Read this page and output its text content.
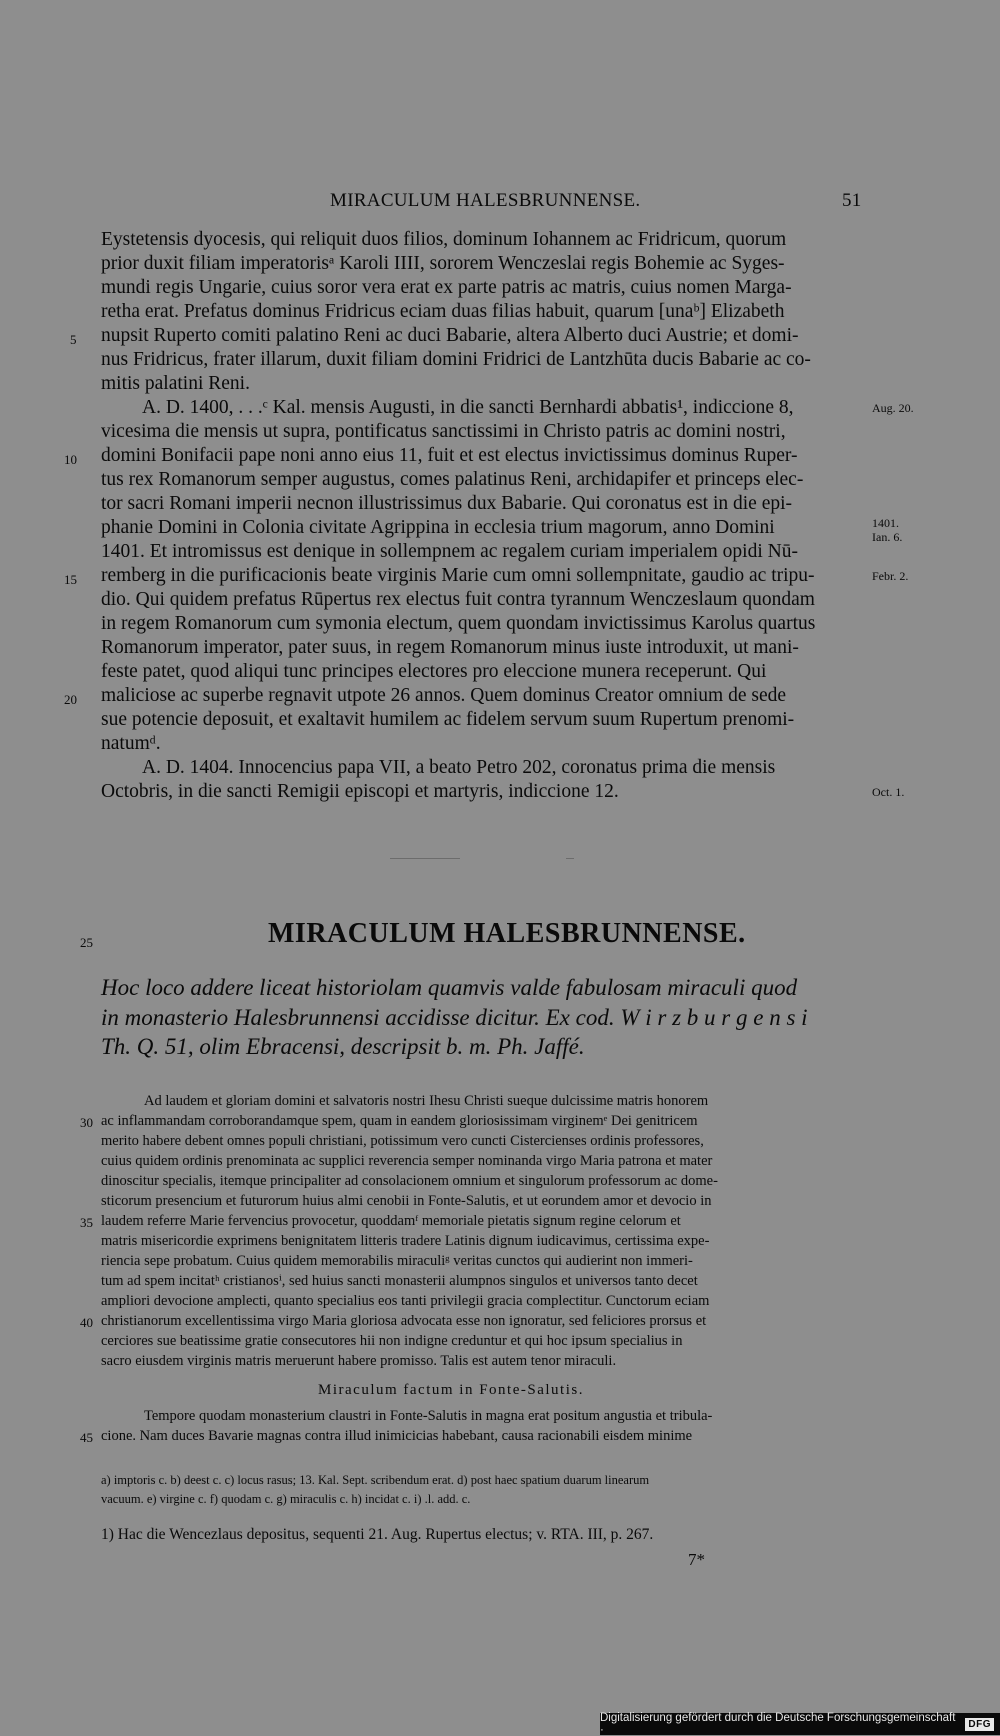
MIRACULUM HALESBRUNNENSE.	51
Eystetensis dyocesis, qui reliquit duos filios, dominum Iohannem ac Fridricum, quorum
prior duxit filiam imperatorisᵃ Karoli IIII, sororem Wenczeslai regis Bohemie ac Syges-
mundi regis Ungarie, cuius soror vera erat ex parte patris ac matris, cuius nomen Marga-
retha erat. Prefatus dominus Fridricus eciam duas filias habuit, quarum [unaᵇ] Elizabeth
nupsit Ruperto comiti palatino Reni ac duci Babarie, altera Alberto duci Austrie; et domi-
nus Fridricus, frater illarum, duxit filiam domini Fridrici de Lantzhūta ducis Babarie ac co-
mitis palatini Reni.
A. D. 1400, . . .ᶜ Kal. mensis Augusti, in die sancti Bernhardi abbatis¹, indiccione 8,
vicesima die mensis ut supra, pontificatus sanctissimi in Christo patris ac domini nostri,
domini Bonifacii pape noni anno eius 11, fuit et est electus invictissimus dominus Ruper-
tus rex Romanorum semper augustus, comes palatinus Reni, archidapifer et princeps elec-
tor sacri Romani imperii necnon illustrissimus dux Babarie. Qui coronatus est in die epi-
phanie Domini in Colonia civitate Agrippina in ecclesia trium magorum, anno Domini
1401. Et intromissus est denique in sollempnem ac regalem curiam imperialem opidi Nū-
remberg in die purificacionis beate virginis Marie cum omni sollempnitate, gaudio ac tripu-
dio. Qui quidem prefatus Rūpertus rex electus fuit contra tyrannum Wenczeslaum quondam
in regem Romanorum cum symonia electum, quem quondam invictissimus Karolus quartus
Romanorum imperator, pater suus, in regem Romanorum minus iuste introduxit, ut mani-
feste patet, quod aliqui tunc principes electores pro eleccione munera receperunt. Qui
maliciose ac superbe regnavit utpote 26 annos. Quem dominus Creator omnium de sede
sue potencie deposuit, et exaltavit humilem ac fidelem servum suum Rupertum prenomi-
natumᵈ.
A. D. 1404. Innocencius papa VII, a beato Petro 202, coronatus prima die mensis
Octobris, in die sancti Remigii episcopi et martyris, indiccione 12.
5
10
15
20
Aug. 20.
1401.
Ian. 6.
Febr. 2.
Oct. 1.
25	MIRACULUM HALESBRUNNENSE.
Hoc loco addere liceat historiolam quamvis valde fabulosam miraculi quod
in monasterio Halesbrunnensi accidisse dicitur. Ex cod. W i r z b u r g e n s i
Th. Q. 51, olim Ebracensi, descripsit b. m. Ph. Jaffé.
Ad laudem et gloriam domini et salvatoris nostri Ihesu Christi sueque dulcissime matris honorem
ac inflammandam corroborandamque spem, quam in eandem gloriosissimam virginemᵉ Dei genitricem
merito habere debent omnes populi christiani, potissimum vero cuncti Cistercienses ordinis professores,
cuius quidem ordinis prenominata ac supplici reverencia semper nominanda virgo Maria patrona et mater
dinoscitur specialis, itemque principaliter ad consolacionem omnium et singulorum professorum ac dome-
sticorum presencium et futurorum huius almi cenobii in Fonte-Salutis, et ut eorundem amor et devocio in
laudem referre Marie fervencius provocetur, quoddamᶠ memoriale pietatis signum regine celorum et
matris misericordie exprimens benignitatem litteris tradere Latinis dignum iudicavimus, certissima expe-
riencia sepe probatum. Cuius quidem memorabilis miraculiᵍ veritas cunctos qui audierint non immeri-
tum ad spem incitatʰ cristianosⁱ, sed huius sancti monasterii alumpnos singulos et universos tanto decet
ampliori devocione amplecti, quanto specialius eos tanti privilegii gracia complectitur. Cunctorum eciam
christianorum excellentissima virgo Maria gloriosa advocata esse non ignoratur, sed feliciores prorsus et
cerciores sue beatissime gratie consecutores hii non indigne creduntur et qui hoc ipsum specialius in
sacro eiusdem virginis matris meruerunt habere promisso. Talis est autem tenor miraculi.
Miraculum factum in Fonte-Salutis.
Tempore quodam monasterium claustri in Fonte-Salutis in magna erat positum angustia et tribula-
cione. Nam duces Bavarie magnas contra illud inimicicias habebant, causa racionabili eisdem minime
30
35
40
45
a) imptoris c. b) deest c. c) locus rasus; 13. Kal. Sept. scribendum erat. d) post haec spatium duarum linearum
vacuum. e) virgine c. f) quodam c. g) miraculis c. h) incidat c. i) .l. add. c.
1) Hac die Wencezlaus depositus, sequenti 21. Aug. Rupertus electus; v. RTA. III, p. 267.
7*
Digitalisierung gefördert durch die Deutsche Forschungsgemeinschaft ·	DFG
